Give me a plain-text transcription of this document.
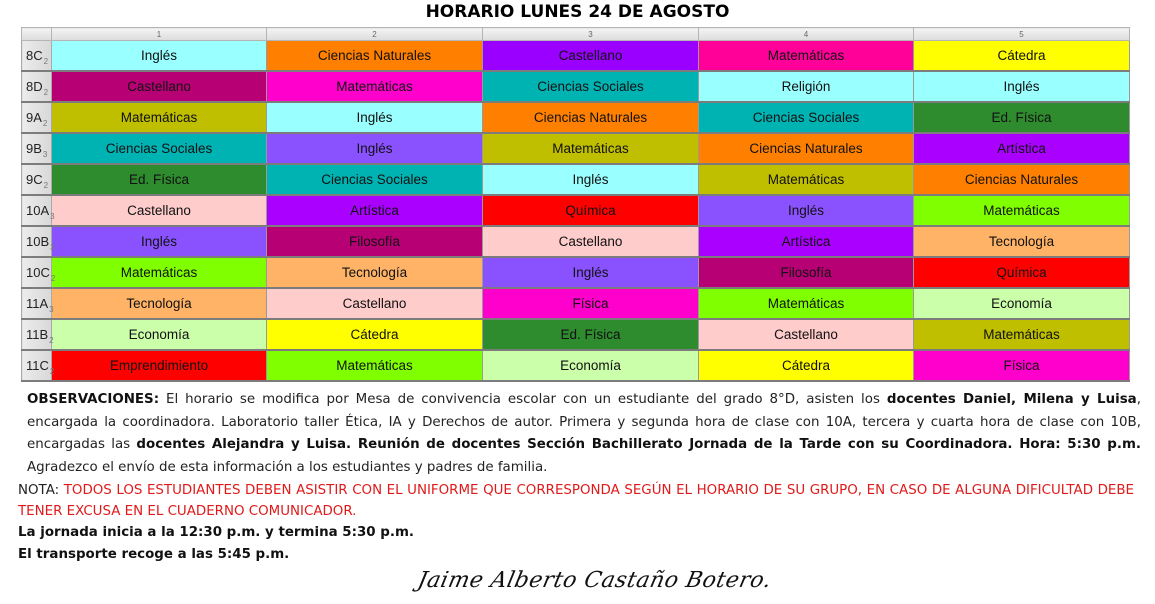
HORARIO LUNES 24 DE AGOSTO
	1	2	3	4	5
$8C_2$	Inglés	Ciencias Naturales	Castellano	Matemáticas	Cátedra
$8D_2$	Castellano	Matemáticas	Ciencias Sociales	Religión	Inglés
$9A_2$	Matemáticas	Inglés	Ciencias Naturales	Ciencias Sociales	Ed. Física
$9B_3$	Ciencias Sociales	Inglés	Matemáticas	Ciencias Naturales	Artística
$9C_2$	Ed. Física	Ciencias Sociales	Inglés	Matemáticas	Ciencias Naturales
$10A_3$	Castellano	Artística	Química	Inglés	Matemáticas
$10B_3$	Inglés	Filosofía	Castellano	Artística	Tecnología
$10C_2$	Matemáticas	Tecnología	Inglés	Filosofía	Química
$11A_3$	Tecnología	Castellano	Física	Matemáticas	Economía
$11B_2$	Economía	Cátedra	Ed. Física	Castellano	Matemáticas
$11C_2$	Emprendimiento	Matemáticas	Economía	Cátedra	Física
OBSERVACIONES: El horario se modifica por Mesa de convivencia escolar con un estudiante del grado 8°D, asisten los docentes Daniel, Milena y Luisa, encargada la coordinadora. Laboratorio taller Ética, IA y Derechos de autor. Primera y segunda hora de clase con 10A, tercera y cuarta hora de clase con 10B, encargadas las docentes Alejandra y Luisa. Reunión de docentes Sección Bachillerato Jornada de la Tarde con su Coordinadora. Hora: 5:30 p.m. Agradezco el envío de esta información a los estudiantes y padres de familia.
NOTA: TODOS LOS ESTUDIANTES DEBEN ASISTIR CON EL UNIFORME QUE CORRESPONDA SEGÚN EL HORARIO DE SU GRUPO, EN CASO DE ALGUNA DIFICULTAD DEBE TENER EXCUSA EN EL CUADERNO COMUNICADOR.
La jornada inicia a la 12:30 p.m. y termina 5:30 p.m.
El transporte recoge a las 5:45 p.m.
Jaime Alberto Castaño Botero.
